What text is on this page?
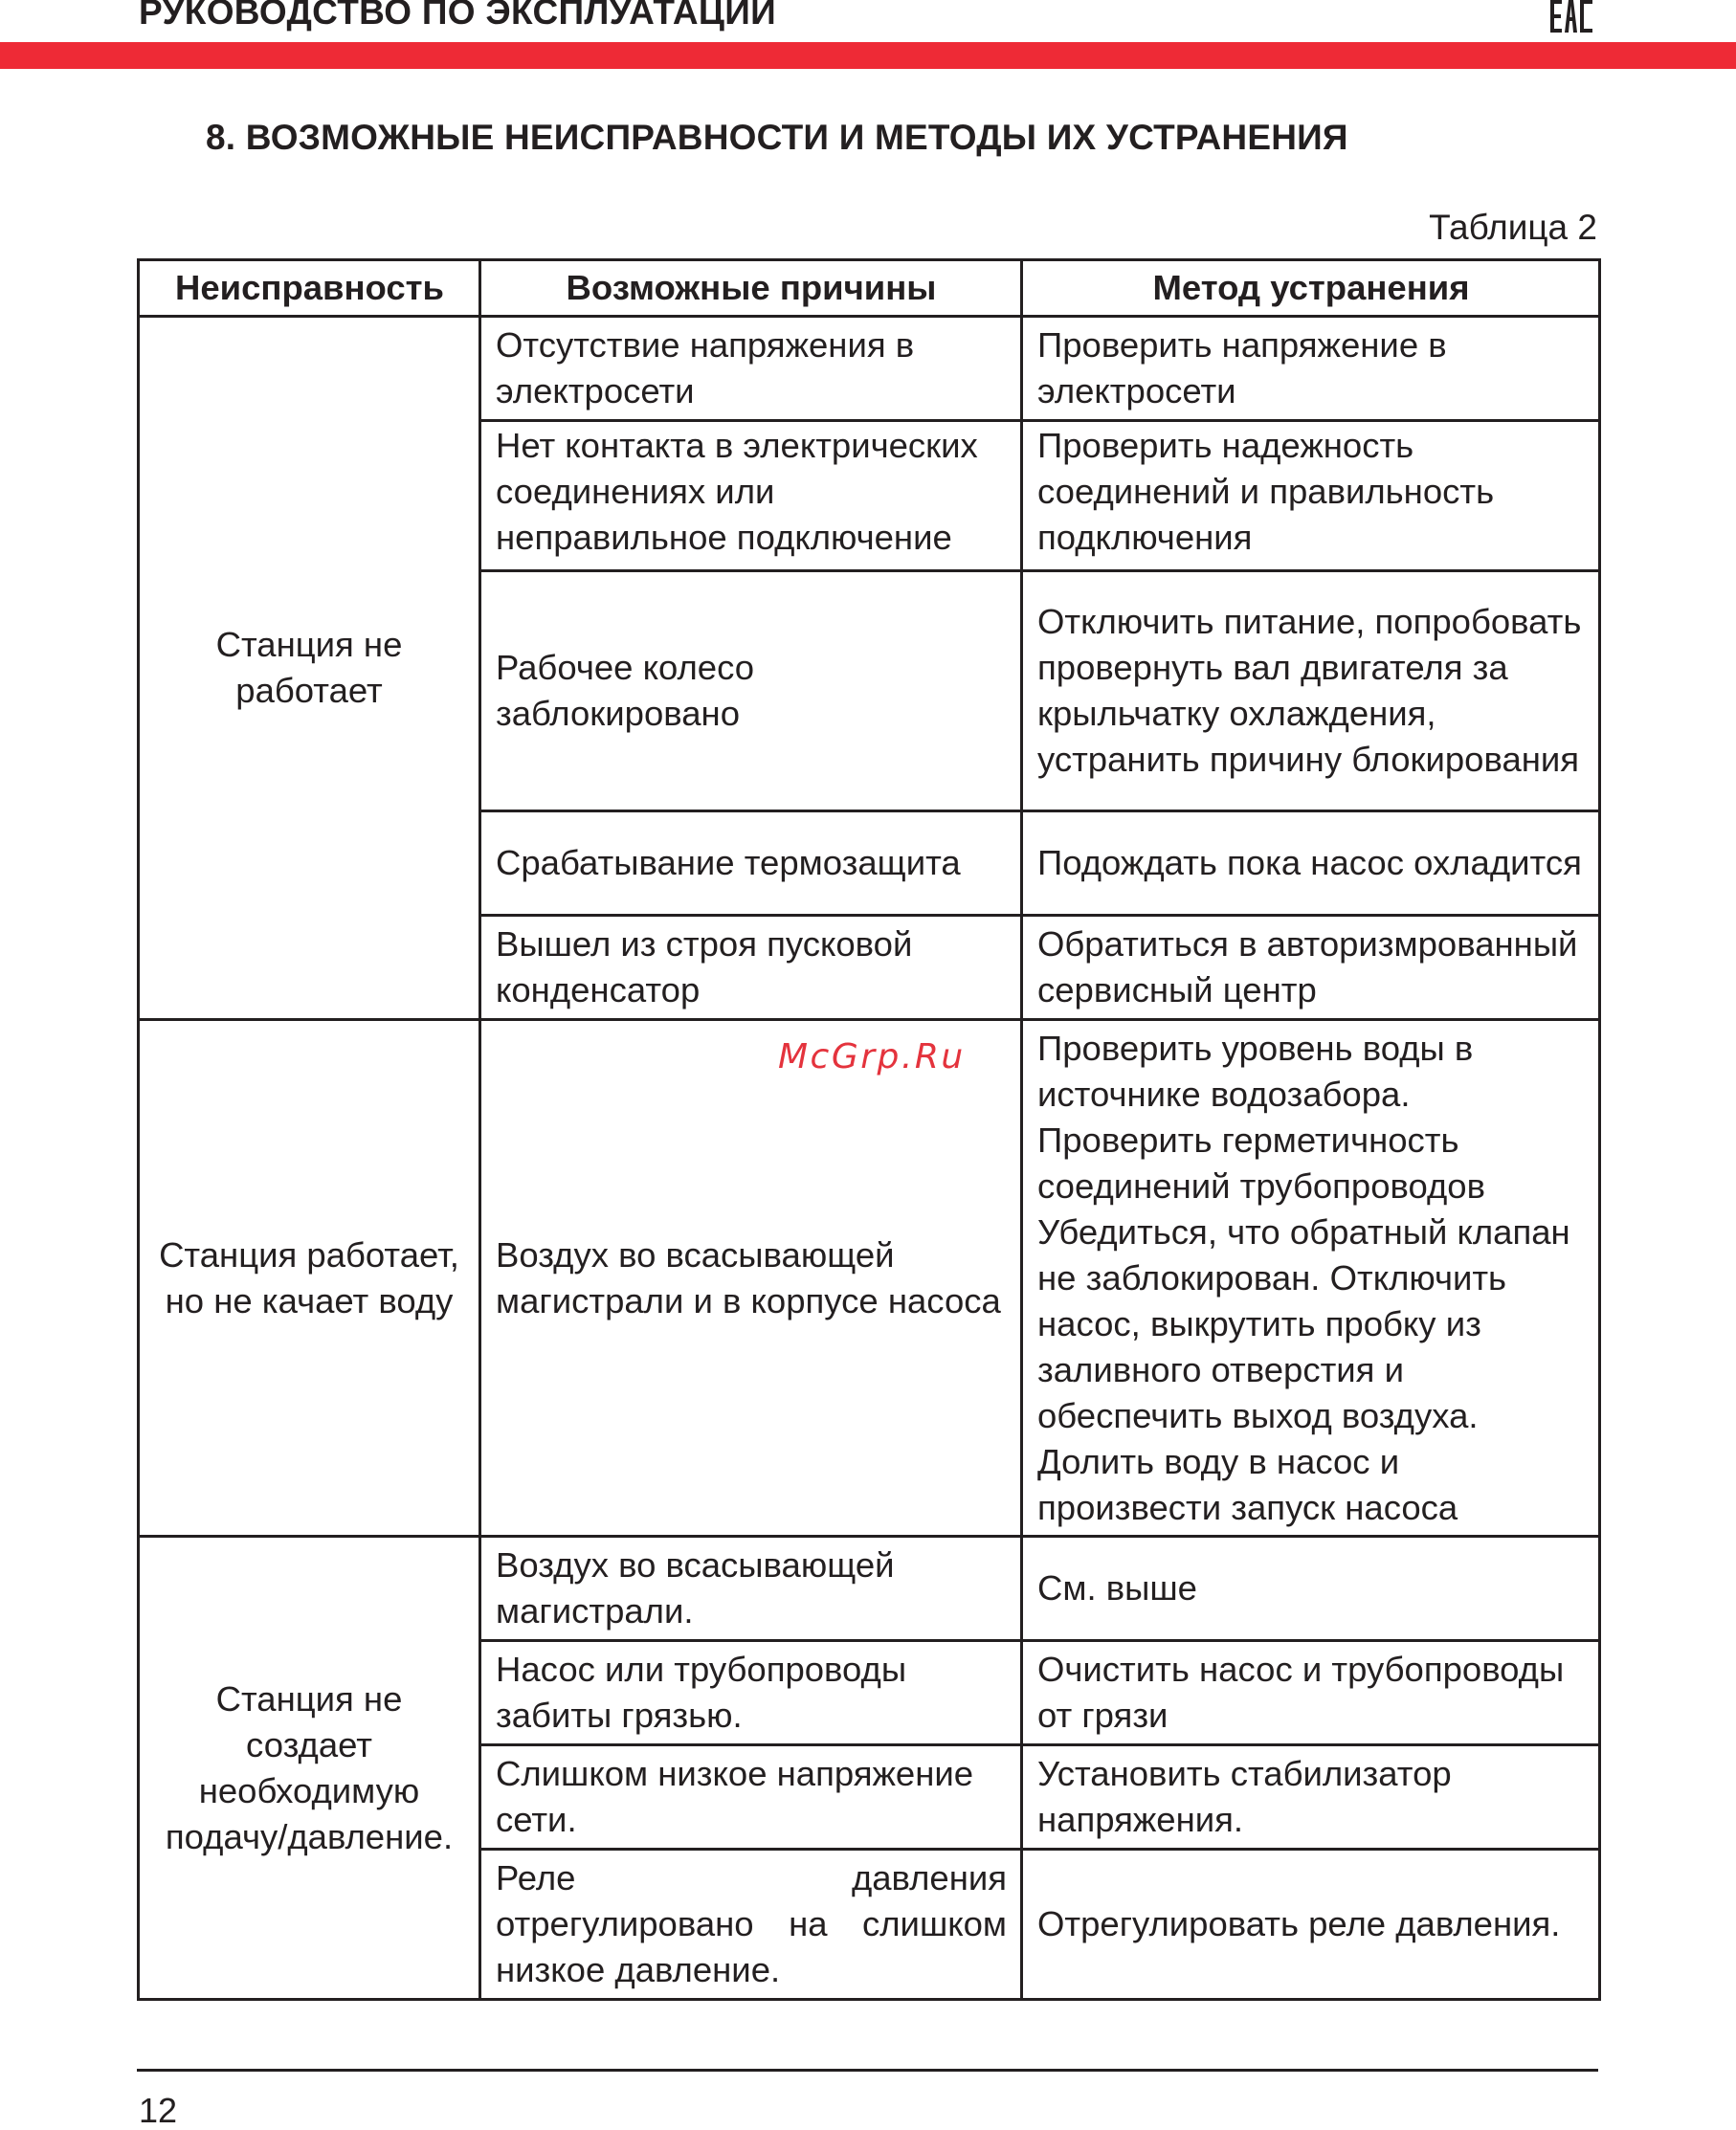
РУКОВОДСТВО ПО ЭКСПЛУАТАЦИИ
8. ВОЗМОЖНЫЕ НЕИСПРАВНОСТИ И МЕТОДЫ ИХ УСТРАНЕНИЯ
Таблица 2
Неисправность	Возможные причины	Метод устранения
Станция не работает	Отсутствие напряжения в электросети	Проверить напряжение в электросети
	Нет контакта в электрических соединениях или неправильное подключение	Проверить надежность соединений и правильность подключения
	Рабочее колесо заблокировано	Отключить питание, попробовать провернуть вал двигателя за крыльчатку охлаждения, устранить причину блокирования
	Срабатывание термозащита	Подождать пока насос охладится
	Вышел из строя пусковой конденсатор	Обратиться в авторизмрованный сервисный центр
Станция работает, но не качает воду	Воздух во всасывающей магистрали и в корпусе насоса	Проверить уровень воды в источнике водозабора. Проверить герметичность соединений трубопроводов Убедиться, что обратный клапан не заблокирован. Отключить насос, выкрутить пробку из заливного отверстия и обеспечить выход воздуха. Долить воду в насос и произвести запуск насоса
Станция не создает необходимую подачу/давление.	Воздух во всасывающей магистрали.	См. выше
	Насос или трубопроводы забиты грязью.	Очистить насос и трубопроводы от грязи
	Слишком низкое напряжение сети.	Установить стабилизатор напряжения.
	Реле давления отрегулировано на слишком низкое давление.	Отрегулировать реле давления.
McGrp.Ru
12
